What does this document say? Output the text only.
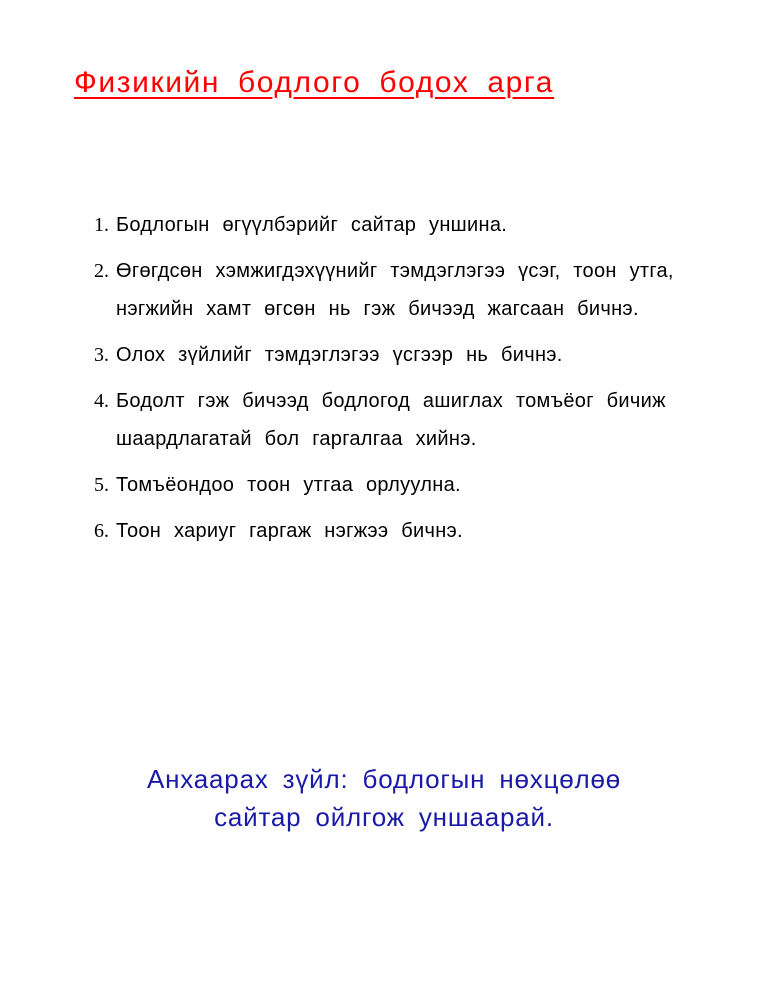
Физикийн бодлого бодох арга
1. Бодлогын өгүүлбэрийг сайтар уншина.
2. Өгөгдсөн хэмжигдэхүүнийг тэмдэглэгээ үсэг, тоон утга, нэгжийн хамт өгсөн нь гэж бичээд жагсаан бичнэ.
3. Олох зүйлийг тэмдэглэгээ үсгээр нь бичнэ.
4. Бодолт гэж бичээд бодлогод ашиглах томъёог бичиж шаардлагатай бол гаргалгаа хийнэ.
5. Томъёондоо тоон утгаа орлуулна.
6. Тоон хариуг гаргаж нэгжээ бичнэ.
Анхаарах зүйл: бодлогын нөхцөлөө
сайтар ойлгож уншаарай.
